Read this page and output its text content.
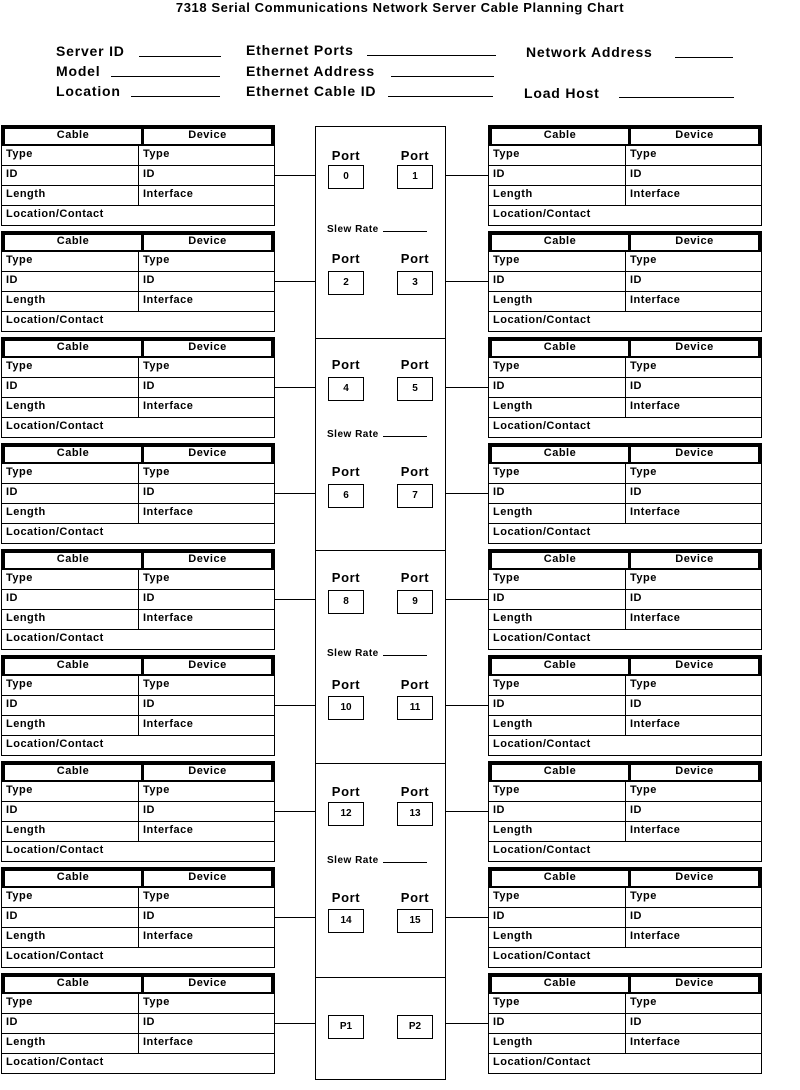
7318 Serial Communications Network Server Cable Planning Chart
Server ID
Model
Location
Ethernet Ports
Ethernet Address
Ethernet Cable ID
Network Address
Load Host
Cable	Device
Type	Type
ID	ID
Length	Interface
Location/Contact
Cable	Device
Type	Type
ID	ID
Length	Interface
Location/Contact
Cable	Device
Type	Type
ID	ID
Length	Interface
Location/Contact
Cable	Device
Type	Type
ID	ID
Length	Interface
Location/Contact
Cable	Device
Type	Type
ID	ID
Length	Interface
Location/Contact
Cable	Device
Type	Type
ID	ID
Length	Interface
Location/Contact
Cable	Device
Type	Type
ID	ID
Length	Interface
Location/Contact
Cable	Device
Type	Type
ID	ID
Length	Interface
Location/Contact
Cable	Device
Type	Type
ID	ID
Length	Interface
Location/Contact
Cable	Device
Type	Type
ID	ID
Length	Interface
Location/Contact
Cable	Device
Type	Type
ID	ID
Length	Interface
Location/Contact
Cable	Device
Type	Type
ID	ID
Length	Interface
Location/Contact
Cable	Device
Type	Type
ID	ID
Length	Interface
Location/Contact
Cable	Device
Type	Type
ID	ID
Length	Interface
Location/Contact
Cable	Device
Type	Type
ID	ID
Length	Interface
Location/Contact
Cable	Device
Type	Type
ID	ID
Length	Interface
Location/Contact
Cable	Device
Type	Type
ID	ID
Length	Interface
Location/Contact
Cable	Device
Type	Type
ID	ID
Length	Interface
Location/Contact
Port
0
Port
1
Port
2
Port
3
Port
4
Port
5
Port
6
Port
7
Port
8
Port
9
Port
10
Port
11
Port
12
Port
13
Port
14
Port
15
P1	P2
Slew Rate
Slew Rate
Slew Rate
Slew Rate
